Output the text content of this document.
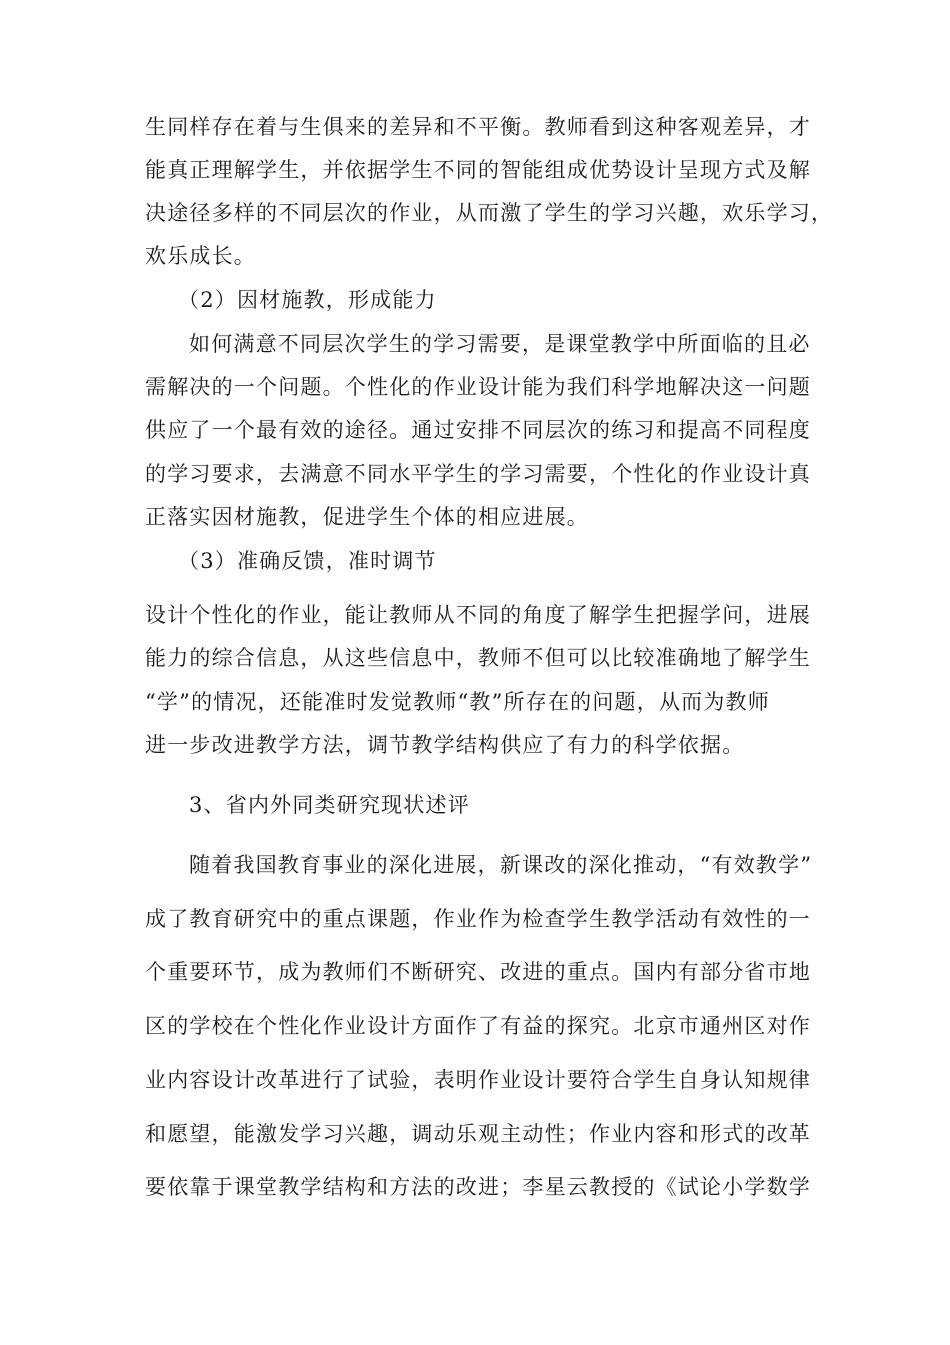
生同样存在着与生俱来的差异和不平衡。教师看到这种客观差异，才
能真正理解学生，并依据学生不同的智能组成优势设计呈现方式及解
决途径多样的不同层次的作业，从而激了学生的学习兴趣，欢乐学习，
欢乐成长。
（2）因材施教，形成能力
如何满意不同层次学生的学习需要，是课堂教学中所面临的且必
需解决的一个问题。个性化的作业设计能为我们科学地解决这一问题
供应了一个最有效的途径。通过安排不同层次的练习和提高不同程度
的学习要求，去满意不同水平学生的学习需要，个性化的作业设计真
正落实因材施教，促进学生个体的相应进展。
（3）准确反馈，准时调节
设计个性化的作业，能让教师从不同的角度了解学生把握学问，进展
能力的综合信息，从这些信息中，教师不但可以比较准确地了解学生
“学”的情况，还能准时发觉教师“教”所存在的问题，从而为教师
进一步改进教学方法，调节教学结构供应了有力的科学依据。
3、省内外同类研究现状述评
随着我国教育事业的深化进展，新课改的深化推动，“有效教学”
成了教育研究中的重点课题，作业作为检查学生教学活动有效性的一
个重要环节，成为教师们不断研究、改进的重点。国内有部分省市地
区的学校在个性化作业设计方面作了有益的探究。北京市通州区对作
业内容设计改革进行了试验，表明作业设计要符合学生自身认知规律
和愿望，能激发学习兴趣，调动乐观主动性；作业内容和形式的改革
要依靠于课堂教学结构和方法的改进；李星云教授的《试论小学数学
